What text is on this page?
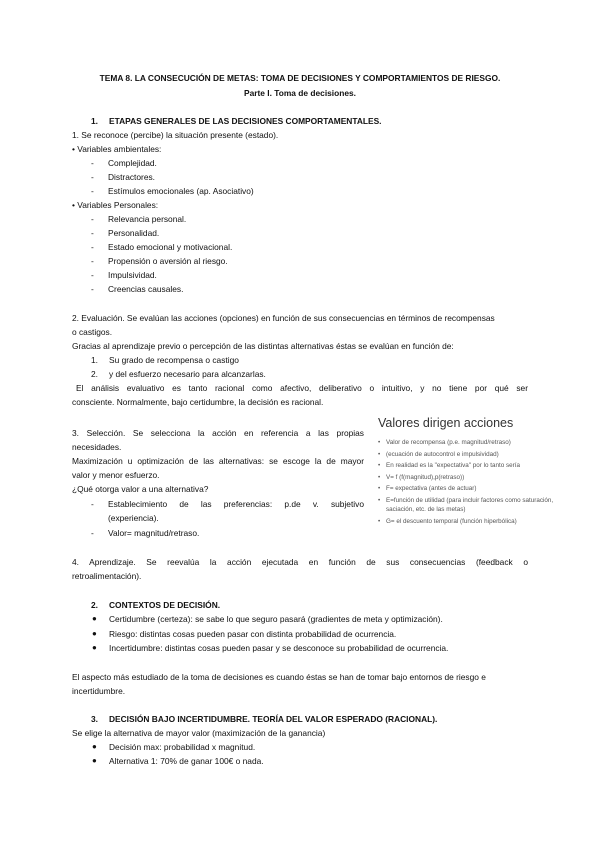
TEMA 8. LA CONSECUCIÓN DE METAS: TOMA DE DECISIONES Y COMPORTAMIENTOS DE RIESGO.
Parte I. Toma de decisiones.
1. ETAPAS GENERALES DE LAS DECISIONES COMPORTAMENTALES.
1. Se reconoce (percibe) la situación presente (estado).
• Variables ambientales:
- Complejidad.
- Distractores.
- Estímulos emocionales (ap. Asociativo)
• Variables Personales:
- Relevancia personal.
- Personalidad.
- Estado emocional y motivacional.
- Propensión o aversión al riesgo.
- Impulsividad.
- Creencias causales.
2. Evaluación. Se evalúan las acciones (opciones) en función de sus consecuencias en términos de recompensas
o castigos.
Gracias al aprendizaje previo o percepción de las distintas alternativas éstas se evalúan en función de:
1. Su grado de recompensa o castigo
2. y del esfuerzo necesario para alcanzarlas.
El análisis evaluativo es tanto racional como afectivo, deliberativo o intuitivo, y no tiene por qué ser
consciente. Normalmente, bajo certidumbre, la decisión es racional.
3. Selección. Se selecciona la acción en referencia a las propias
necesidades.
Maximización u optimización de las alternativas: se escoge la de mayor
valor y menor esfuerzo.
¿Qué otorga valor a una alternativa?
- Establecimiento de las preferencias: p.de v. subjetivo
(experiencia).
- Valor= magnitud/retraso.
Valores dirigen acciones
• Valor de recompensa (p.e. magnitud/retraso)
• (ecuación de autocontrol e impulsividad)
• En realidad es la "expectativa" por lo tanto sería
• V= f (f(magnitud),p(retraso))
• F= expectativa (antes de actuar)
• E=función de utilidad (para incluir factores como saturación, saciación, etc. de las metas)
• G= el descuento temporal (función hiperbólica)
4. Aprendizaje. Se reevalúa la acción ejecutada en función de sus consecuencias (feedback o
retroalimentación).
2. CONTEXTOS DE DECISIÓN.
● Certidumbre (certeza): se sabe lo que seguro pasará (gradientes de meta y optimización).
● Riesgo: distintas cosas pueden pasar con distinta probabilidad de ocurrencia.
● Incertidumbre: distintas cosas pueden pasar y se desconoce su probabilidad de ocurrencia.
El aspecto más estudiado de la toma de decisiones es cuando éstas se han de tomar bajo entornos de riesgo e
incertidumbre.
3. DECISIÓN BAJO INCERTIDUMBRE. TEORÍA DEL VALOR ESPERADO (RACIONAL).
Se elige la alternativa de mayor valor (maximización de la ganancia)
● Decisión max: probabilidad x magnitud.
● Alternativa 1: 70% de ganar 100€ o nada.
